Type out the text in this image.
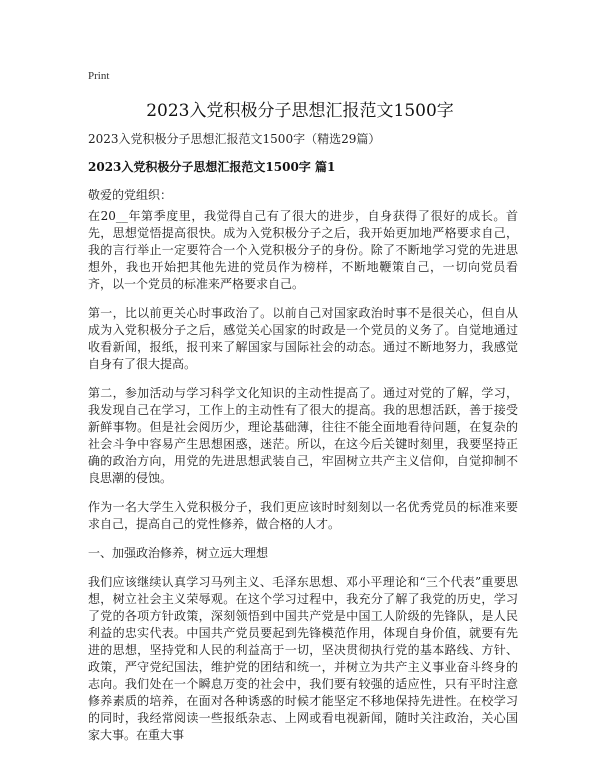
Print
2023入党积极分子思想汇报范文1500字
2023入党积极分子思想汇报范文1500字（精选29篇）
2023入党积极分子思想汇报范文1500字 篇1
敬爱的党组织：

在20__年第季度里，我觉得自己有了很大的进步，自身获得了很好的成长。首先，思想觉悟提高很快。成为入党积极分子之后，我开始更加地严格要求自己，我的言行举止一定要符合一个入党积极分子的身份。除了不断地学习党的先进思想外，我也开始把其他先进的党员作为榜样，不断地鞭策自己，一切向党员看齐，以一个党员的标准来严格要求自己。

第一，比以前更关心时事政治了。以前自己对国家政治时事不是很关心，但自从成为入党积极分子之后，感觉关心国家的时政是一个党员的义务了。自觉地通过收看新闻，报纸，报刊来了解国家与国际社会的动态。通过不断地努力，我感觉自身有了很大提高。

第二，参加活动与学习科学文化知识的主动性提高了。通过对党的了解，学习，我发现自己在学习，工作上的主动性有了很大的提高。我的思想活跃，善于接受新鲜事物。但是社会阅历少，理论基础薄，往往不能全面地看待问题，在复杂的社会斗争中容易产生思想困惑，迷茫。所以，在这今后关键时刻里，我要坚持正确的政治方向，用党的先进思想武装自己，牢固树立共产主义信仰，自觉抑制不良思潮的侵蚀。

作为一名大学生入党积极分子，我们更应该时时刻刻以一名优秀党员的标准来要求自己，提高自己的党性修养，做合格的人才。

一、加强政治修养，树立远大理想

我们应该继续认真学习马列主义、毛泽东思想、邓小平理论和“三个代表”重要思想，树立社会主义荣辱观。在这个学习过程中，我充分了解了我党的历史，学习了党的各项方针政策，深刻领悟到中国共产党是中国工人阶级的先锋队，是人民利益的忠实代表。中国共产党员要起到先锋模范作用，体现自身价值，就要有先进的思想，坚持党和人民的利益高于一切，坚决贯彻执行党的基本路线、方针、政策，严守党纪国法，维护党的团结和统一，并树立为共产主义事业奋斗终身的志向。我们处在一个瞬息万变的社会中，我们要有较强的适应性，只有平时注意修养素质的培养，在面对各种诱惑的时候才能坚定不移地保持先进性。在校学习的同时，我经常阅读一些报纸杂志、上网或看电视新闻，随时关注政治，关心国家大事。在重大事
